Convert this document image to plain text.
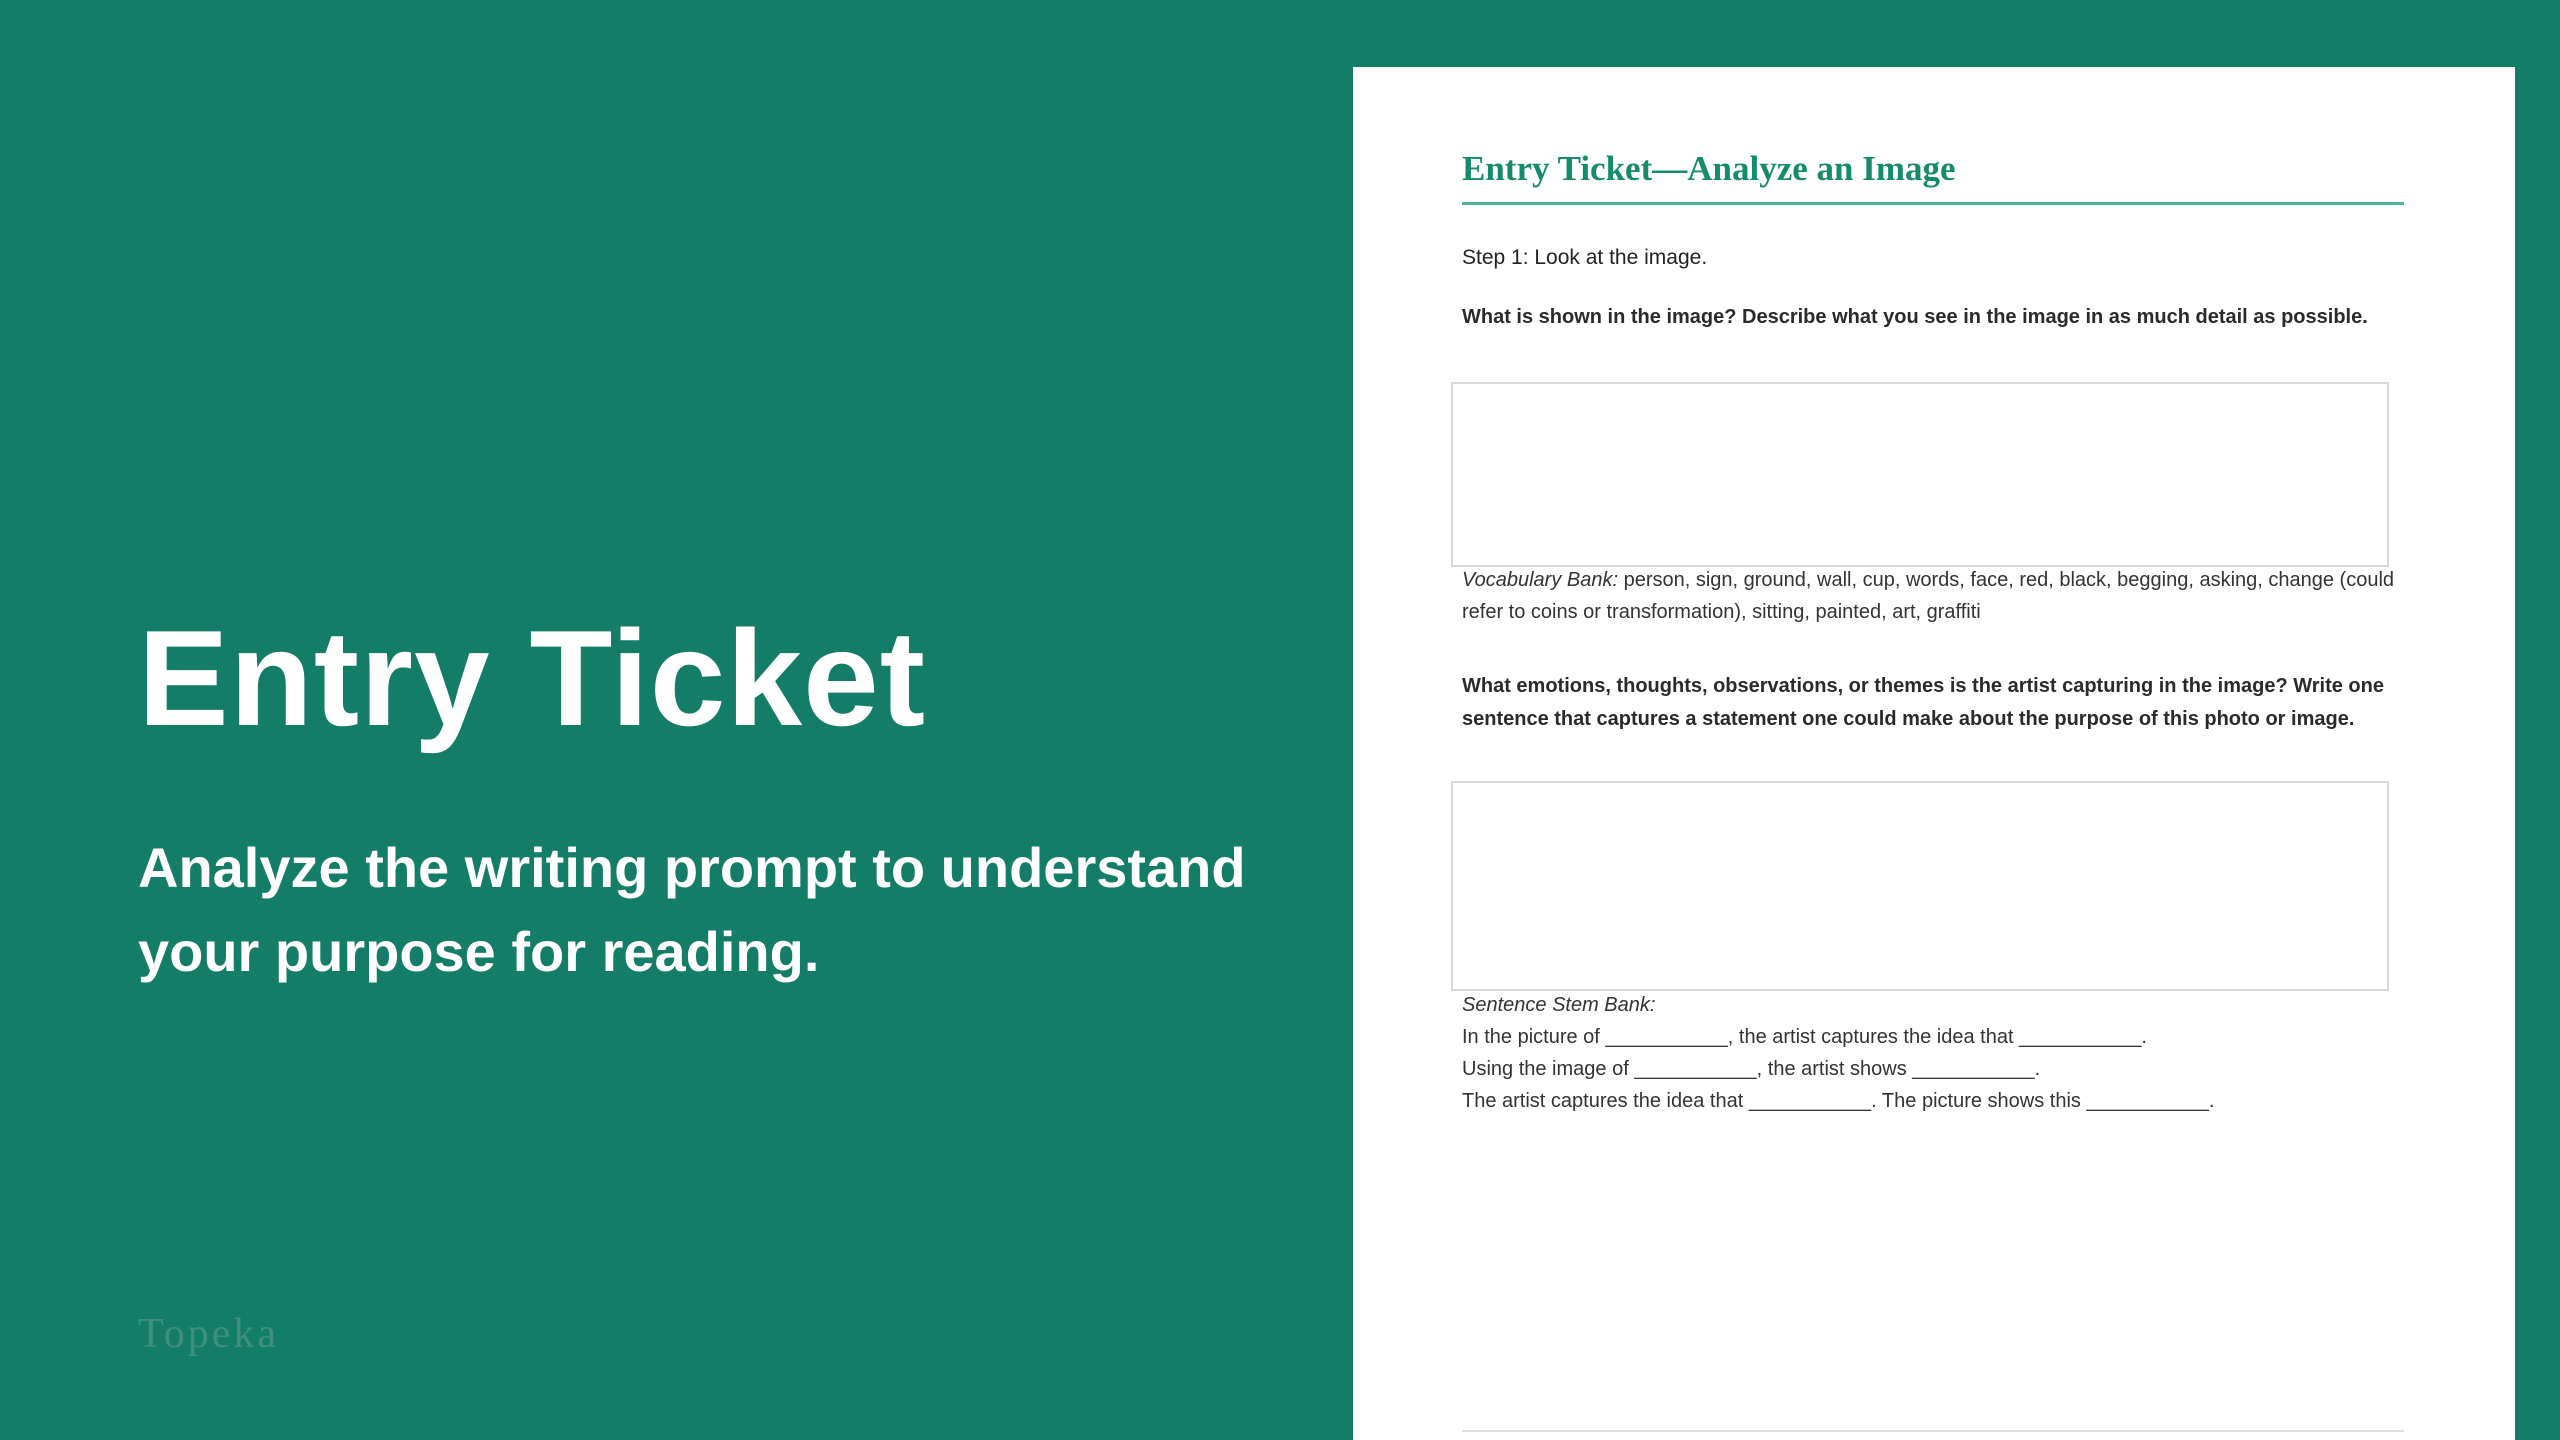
Entry Ticket

Analyze the writing prompt to understand your purpose for reading.

Topeka
Entry Ticket—Analyze an Image

Step 1: Look at the image.

What is shown in the image? Describe what you see in the image in as much detail as possible.

Vocabulary Bank: person, sign, ground, wall, cup, words, face, red, black, begging, asking, change (could refer to coins or transformation), sitting, painted, art, graffiti

What emotions, thoughts, observations, or themes is the artist capturing in the image? Write one sentence that captures a statement one could make about the purpose of this photo or image.

Sentence Stem Bank:
In the picture of ___________, the artist captures the idea that ___________.
Using the image of ___________, the artist shows ___________.
The artist captures the idea that ___________. The picture shows this ___________.
